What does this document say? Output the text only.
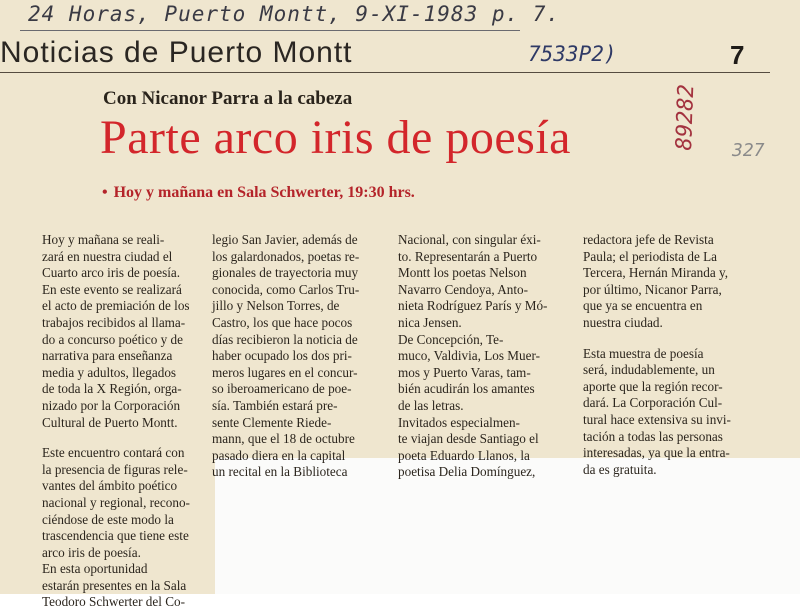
24 Horas, Puerto Montt, 9-XI-1983 p. 7.
Noticias de Puerto Montt	7533P2)	7
89282 327
Con Nicanor Parra a la cabeza
Parte arco iris de poesía
• Hoy y mañana en Sala Schwerter, 19:30 hrs.
Hoy y mañana se reali-
zará en nuestra ciudad el
Cuarto arco iris de poesía.
En este evento se realizará
el acto de premiación de los
trabajos recibidos al llama-
do a concurso poético y de
narrativa para enseñanza
media y adultos, llegados
de toda la X Región, orga-
nizado por la Corporación
Cultural de Puerto Montt.

Este encuentro contará con
la presencia de figuras rele-
vantes del ámbito poético
nacional y regional, recono-
ciéndose de este modo la
trascendencia que tiene este
arco iris de poesía.
En esta oportunidad
estarán presentes en la Sala
Teodoro Schwerter del Co-
legio San Javier, además de
los galardonados, poetas re-
gionales de trayectoria muy
conocida, como Carlos Tru-
jillo y Nelson Torres, de
Castro, los que hace pocos
días recibieron la noticia de
haber ocupado los dos pri-
meros lugares en el concur-
so iberoamericano de poe-
sía. También estará pre-
sente Clemente Riede-
mann, que el 18 de octubre
pasado diera en la capital
un recital en la Biblioteca
Nacional, con singular éxi-
to. Representarán a Puerto
Montt los poetas Nelson
Navarro Cendoya, Anto-
nieta Rodríguez París y Mó-
nica Jensen.
De Concepción, Te-
muco, Valdivia, Los Muer-
mos y Puerto Varas, tam-
bién acudirán los amantes
de las letras.
Invitados especialmen-
te viajan desde Santiago el
poeta Eduardo Llanos, la
poetisa Delia Domínguez,
redactora jefe de Revista
Paula; el periodista de La
Tercera, Hernán Miranda y,
por último, Nicanor Parra,
que ya se encuentra en
nuestra ciudad.

Esta muestra de poesía
será, indudablemente, un
aporte que la región recor-
dará. La Corporación Cul-
tural hace extensiva su invi-
tación a todas las personas
interesadas, ya que la entra-
da es gratuita.
